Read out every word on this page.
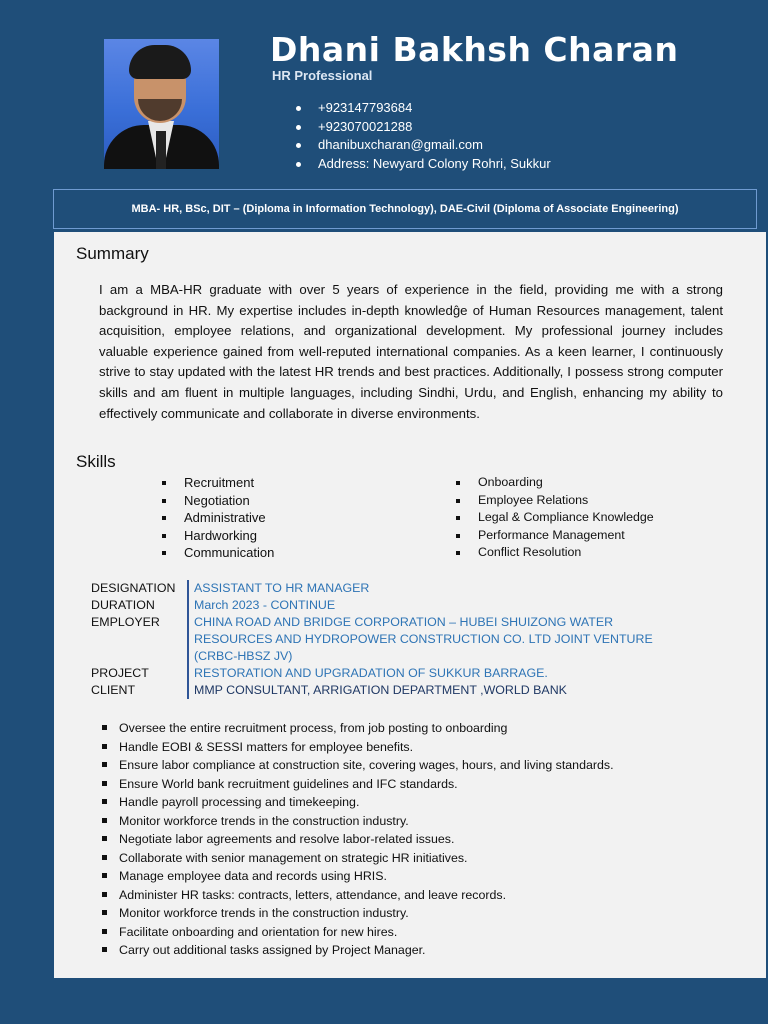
Dhani Bakhsh Charan
HR Professional
+923147793684
+923070021288
dhanibuxcharan@gmail.com
Address: Newyard Colony Rohri, Sukkur
MBA- HR, BSc, DIT – (Diploma in Information Technology), DAE-Civil (Diploma of Associate Engineering)
Summary

I am a MBA-HR graduate with over 5 years of experience in the field, providing me with a strong background in HR. My expertise includes in-depth knowledĝe of Human Resources management, talent acquisition, employee relations, and organizational development. My professional journey includes valuable experience gained from well-reputed international companies. As a keen learner, I continuously strive to stay updated with the latest HR trends and best practices. Additionally, I possess strong computer skills and am fluent in multiple languages, including Sindhi, Urdu, and English, enhancing my ability to effectively communicate and collaborate in diverse environments.

Skills
Recruitment
Negotiation
Administrative
Hardworking
Communication
Onboarding
Employee Relations
Legal & Compliance Knowledge
Performance Management
Conflict Resolution
DESIGNATION	ASSISTANT TO HR MANAGER
DURATION	March 2023 - CONTINUE
EMPLOYER	CHINA ROAD AND BRIDGE CORPORATION – HUBEI SHUIZONG WATER
RESOURCES AND HYDROPOWER CONSTRUCTION CO. LTD JOINT VENTURE
(CRBC-HBSZ JV)
PROJECT	RESTORATION AND UPGRADATION OF SUKKUR BARRAGE.
CLIENT	MMP CONSULTANT, ARRIGATION DEPARTMENT ,WORLD BANK
Oversee the entire recruitment process, from job posting to onboarding
Handle EOBI & SESSI matters for employee benefits.
Ensure labor compliance at construction site, covering wages, hours, and living standards.
Ensure World bank recruitment guidelines and IFC standards.
Handle payroll processing and timekeeping.
Monitor workforce trends in the construction industry.
Negotiate labor agreements and resolve labor-related issues.
Collaborate with senior management on strategic HR initiatives.
Manage employee data and records using HRIS.
Administer HR tasks: contracts, letters, attendance, and leave records.
Monitor workforce trends in the construction industry.
Facilitate onboarding and orientation for new hires.
Carry out additional tasks assigned by Project Manager.
